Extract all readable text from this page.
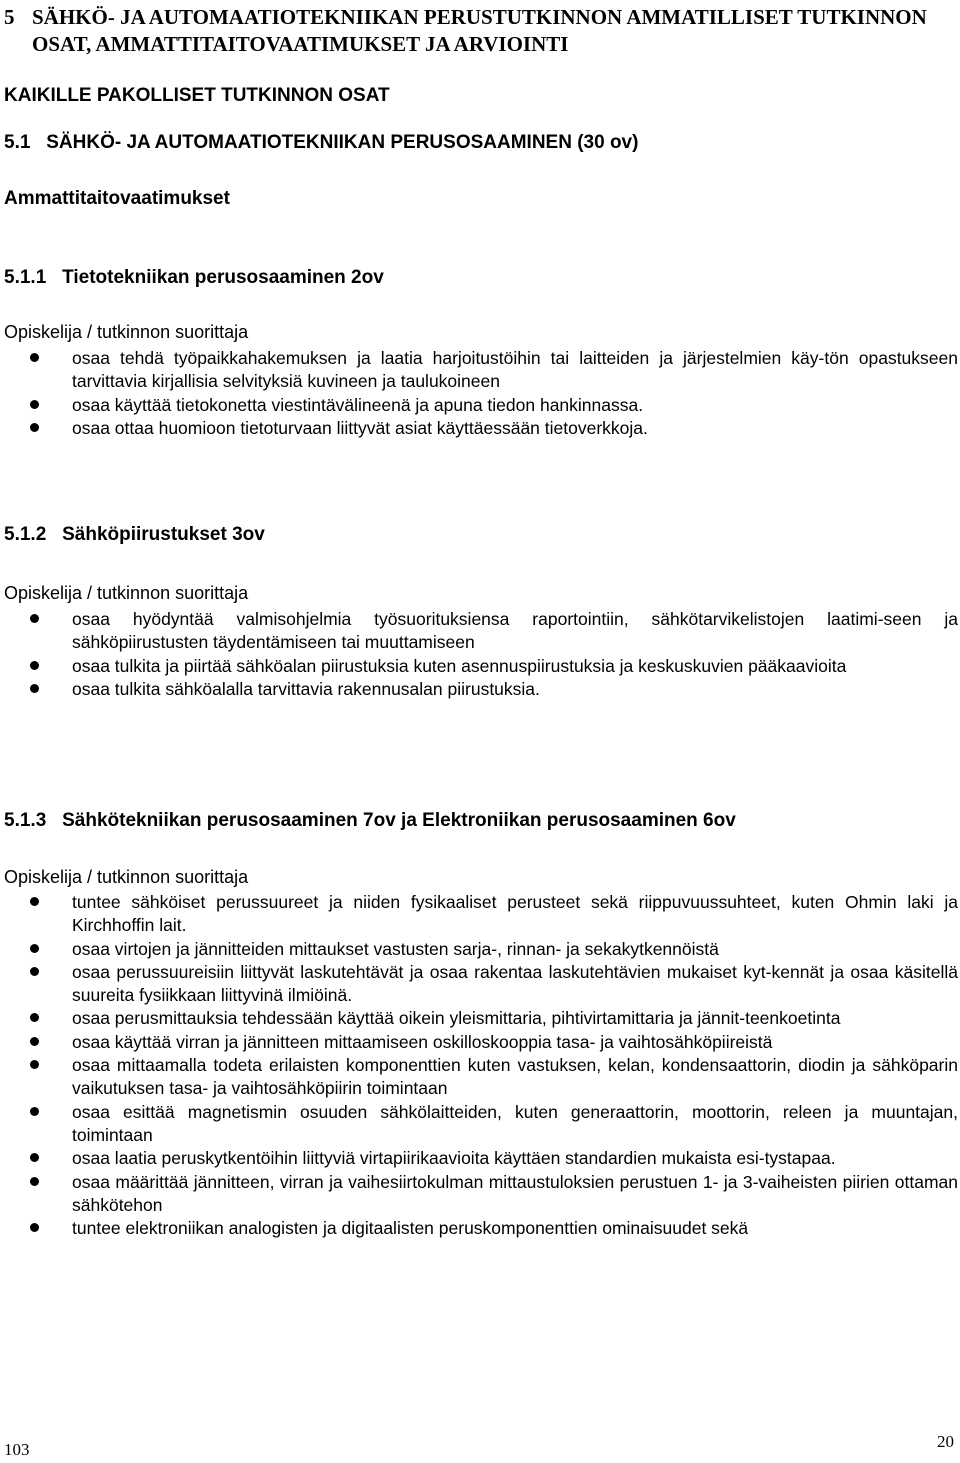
5 SÄHKÖ- JA AUTOMAATIOTEKNIIKAN PERUSTUTKINNON AMMATILLISET TUTKINNON OSAT, AMMATTITAITOVAATIMUKSET JA ARVIOINTI
KAIKILLE PAKOLLISET TUTKINNON OSAT
5.1   SÄHKÖ- JA AUTOMAATIOTEKNIIKAN PERUSOSAAMINEN (30 ov)
Ammattitaitovaatimukset
5.1.1   Tietotekniikan perusosaaminen 2ov
Opiskelija / tutkinnon suorittaja
osaa tehdä työpaikkahakemuksen ja laatia harjoitustöihin tai laitteiden ja järjestelmien käy-tön opastukseen tarvittavia kirjallisia selvityksiä kuvineen ja taulukoineen
osaa käyttää tietokonetta viestintävälineenä ja apuna tiedon hankinnassa.
osaa ottaa huomioon tietoturvaan liittyvät asiat käyttäessään tietoverkkoja.
5.1.2   Sähköpiirustukset 3ov
Opiskelija / tutkinnon suorittaja
osaa hyödyntää valmisohjelmia työsuorituksiensa raportointiin, sähkötarvikelistojen laatimi-seen ja sähköpiirustusten täydentämiseen tai muuttamiseen
osaa tulkita ja piirtää sähköalan piirustuksia kuten asennuspiirustuksia ja keskuskuvien pääkaavioita
osaa tulkita sähköalalla tarvittavia rakennusalan piirustuksia.
5.1.3   Sähkötekniikan perusosaaminen 7ov ja Elektroniikan perusosaaminen 6ov
Opiskelija / tutkinnon suorittaja
tuntee sähköiset perussuureet ja niiden fysikaaliset perusteet sekä riippuvuussuhteet, kuten Ohmin laki ja Kirchhoffin lait.
osaa virtojen ja jännitteiden mittaukset vastusten sarja-, rinnan- ja sekakytkennöistä
osaa perussuureisiin liittyvät laskutehtävät ja osaa rakentaa laskutehtävien mukaiset kyt-kennät ja osaa käsitellä suureita fysiikkaan liittyvinä ilmiöinä.
osaa perusmittauksia tehdessään käyttää oikein yleismittaria, pihtivirtamittaria ja jännit-teenkoetinta
osaa käyttää virran ja jännitteen mittaamiseen oskilloskooppia tasa- ja vaihtosähköpiireistä
osaa mittaamalla todeta erilaisten komponenttien kuten vastuksen, kelan, kondensaattorin, diodin ja sähköparin vaikutuksen tasa- ja vaihtosähköpiirin toimintaan
osaa esittää magnetismin osuuden sähkölaitteiden, kuten generaattorin, moottorin, releen ja muuntajan, toimintaan
osaa laatia peruskytkentöihin liittyviä virtapiirikaavioita käyttäen standardien mukaista esi-tystapaa.
osaa määrittää jännitteen, virran ja vaihesiirtokulman mittaustuloksien perustuen 1- ja 3-vaiheisten piirien ottaman sähkötehon
tuntee elektroniikan analogisten ja digitaalisten peruskomponenttien ominaisuudet sekä
103	20
